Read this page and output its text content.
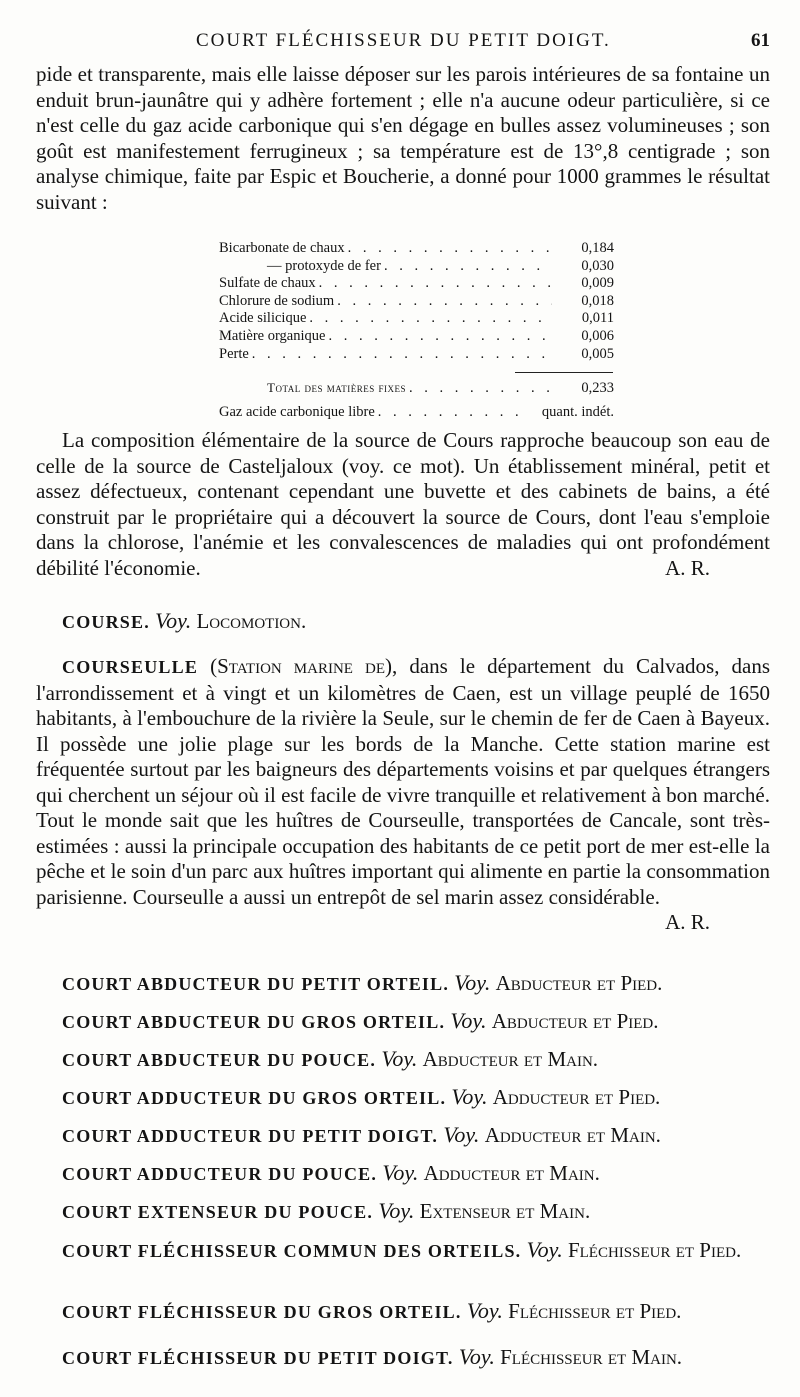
COURT FLÉCHISSEUR DU PETIT DOIGT.	61
pide et transparente, mais elle laisse déposer sur les parois intérieures de sa fontaine un enduit brun-jaunâtre qui y adhère fortement ; elle n'a aucune odeur particulière, si ce n'est celle du gaz acide carbonique qui s'en dégage en bulles assez volumineuses ; son goût est manifestement ferrugineux ; sa température est de 13°,8 centigrade ; son analyse chimique, faite par Espic et Boucherie, a donné pour 1000 grammes le résultat suivant :
Bicarbonate de chaux . . .	0,184
— protoxyde de fer . . .	0,030
Sulfate de chaux . . .	0,009
Chlorure de sodium . . .	0,018
Acide silicique . . .	0,011
Matière organique . . .	0,006
Perte . . .	0,005
Total des matières fixes . . .	0,233
Gaz acide carbonique libre . . .	quant. indét.
La composition élémentaire de la source de Cours rapproche beaucoup son eau de celle de la source de Casteljaloux (voy. ce mot). Un établissement minéral, petit et assez défectueux, contenant cependant une buvette et des cabinets de bains, a été construit par le propriétaire qui a découvert la source de Cours, dont l'eau s'emploie dans la chlorose, l'anémie et les convalescences de maladies qui ont profondément débilité l'économie.	A. R.
COURSE. Voy. Locomotion.
COURSEULLE (Station marine de), dans le département du Calvados, dans l'arrondissement et à vingt et un kilomètres de Caen, est un village peuplé de 1650 habitants, à l'embouchure de la rivière la Seule, sur le chemin de fer de Caen à Bayeux. Il possède une jolie plage sur les bords de la Manche. Cette station marine est fréquentée surtout par les baigneurs des départements voisins et par quelques étrangers qui cherchent un séjour où il est facile de vivre tranquille et relativement à bon marché. Tout le monde sait que les huîtres de Courseulle, transportées de Cancale, sont très-estimées : aussi la principale occupation des habitants de ce petit port de mer est-elle la pêche et le soin d'un parc aux huîtres important qui alimente en partie la consommation parisienne. Courseulle a aussi un entrepôt de sel marin assez considérable.
A. R.
COURT ABDUCTEUR DU PETIT ORTEIL. Voy. Abducteur et Pied.
COURT ABDUCTEUR DU GROS ORTEIL. Voy. Abducteur et Pied.
COURT ABDUCTEUR DU POUCE. Voy. Abducteur et Main.
COURT ADDUCTEUR DU GROS ORTEIL. Voy. Adducteur et Pied.
COURT ADDUCTEUR DU PETIT DOIGT. Voy. Adducteur et Main.
COURT ADDUCTEUR DU POUCE. Voy. Adducteur et Main.
COURT EXTENSEUR DU POUCE. Voy. Extenseur et Main.
COURT FLÉCHISSEUR COMMUN DES ORTEILS. Voy. Fléchisseur et Pied.
COURT FLÉCHISSEUR DU GROS ORTEIL. Voy. Fléchisseur et Pied.
COURT FLÉCHISSEUR DU PETIT DOIGT. Voy. Fléchisseur et Main.
